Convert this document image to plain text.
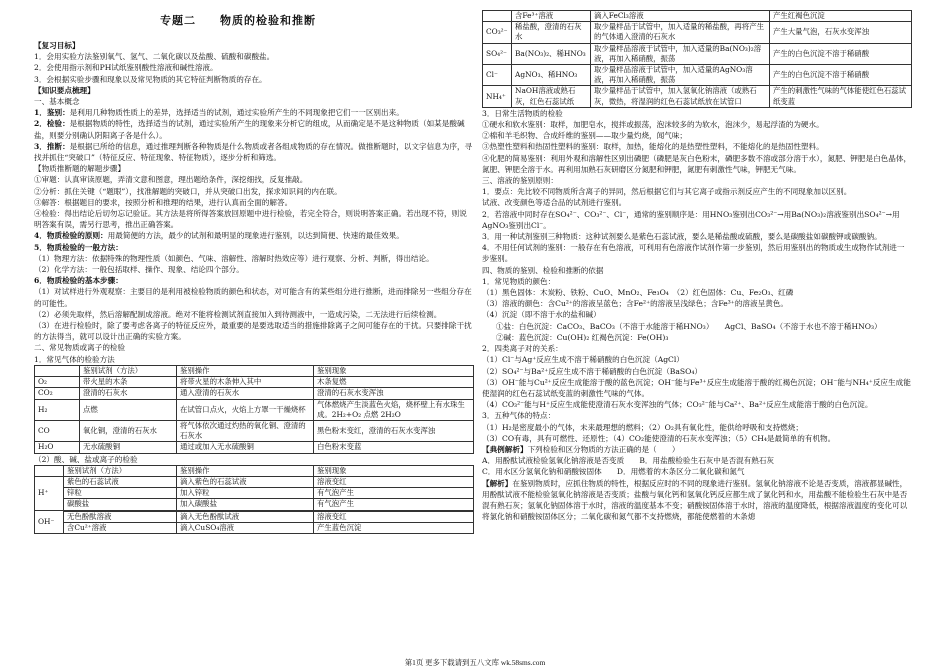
专题二　　物质的检验和推断

【复习目标】

1．会用实验方法鉴别氧气、氢气、二氧化碳以及盐酸、硫酸和碳酸盐。

2．会使用指示剂和PH试纸鉴别酸性溶液和碱性溶液。

3．会根据实验步骤和现象以及常见物质的其它特征判断物质的存在。

【知识要点梳理】

一、基本概念

1．鉴别：是利用几种物质性质上的差异，选择适当的试剂，通过实验所产生的不同现象把它们一一区别出来。

2．检验：是根据物质的特性，选择适当的试剂，通过实验所产生的现象来分析它的组成，从而确定是不是这种物质（如某是酸碱盐，则要分别确认阴阳离子各是什么）。

3．推断：是根据已所给的信息，通过推理判断各种物质是什么物质或者各组成物质的存在情况。做推断题时，以文字信息为序，寻找并抓住“突破口”（特征反应、特征现象、特征物质），逐步分析和筛选。

【物质推断题的解题步骤】

①审题：认真审读原题，弄清文意和图意，理出题给条件，深挖细找，反复推敲。

②分析：抓住关键（“题眼”），找准解题的突破口，并从突破口出发，探求知识间的内在联。

③解答：根据题目的要求，按照分析和推理的结果，进行认真而全面的解答。

④检验：得出结论后切勿忘记验证。其方法是将所得答案放回原题中进行检验，若完全符合，则说明答案正确。若出现不符，则说明答案有误，需另行思考，推出正确答案。

4．物质检验的原则：用最简便的方法，最少的试剂和最明显的现象进行鉴别，以达到简便、快速的最佳效果。

5．物质检验的一般方法：

（1）物理方法：依据特殊的物理性质（如颜色、气味、溶解性、溶解时热效应等）进行观察、分析、判断，得出结论。

（2）化学方法：一般包括取样、操作、现象、结论四个部分。

6．物质检验的基本步骤：

（1）对试样进行外观观察：主要目的是利用被检验物质的颜色和状态，对可能含有的某些组分进行推断，进而排除另一些组分存在的可能性。

（2）必须先取样，然后溶解配制成溶液。绝对不能将检测试剂直接加入到待测液中，一造成污染，二无法进行后续检测。

（3）在进行检验时，除了要考虑各离子的特征反应外，最重要的是要选取适当的措施排除离子之间可能存在的干扰。只要排除干扰的方法得当，就可以设计出正确的实验方案。

二、常见物质或离子的检验

1．常见气体的检验方法

	鉴别试剂（方法）	鉴别操作	鉴别现象
O₂	带火星的木条	将带火星的木条伸入其中	木条复燃
CO₂	澄清的石灰水	通入澄清的石灰水	澄清的石灰水变浑浊
H₂	点燃	在试管口点火，火焰上方罩一干燥烧杯	气体燃烧产生淡蓝色火焰，烧杯壁上有水珠生成。2H₂+O₂ 点燃 2H₂O
CO	氧化铜，澄清的石灰水	将气体依次通过灼热的氧化铜、澄清的石灰水	黑色粉末变红，澄清的石灰水变浑浊
H₂O	无水硫酸铜	通过或加入无水硫酸铜	白色粉末变蓝

（2）酸、碱、盐或离子的检验

	鉴别试剂（方法）	鉴别操作	鉴别现象
H⁺	紫色的石蕊试液	滴入紫色的石蕊试液	溶液变红
	锌粒	加入锌粒	有气泡产生
	碳酸盐	加入碳酸盐	有气泡产生
OH⁻			
	无色酚酞溶液	滴入无色酚酞试液	溶液变红
	含Cu²⁺溶液	滴入CuSO₄溶液	产生蓝色沉淀
	含Fe³⁺溶液	滴入FeCl₃溶液	产生红褐色沉淀
CO₃²⁻	稀盐酸，澄清的石灰水	取少量样品于试管中，加入适量的稀盐酸，再将产生的气体通入澄清的石灰水	产生大量气泡，石灰水变浑浊
SO₄²⁻	Ba(NO₃)₂、稀HNO₃	取少量样品溶液于试管中，加入适量的Ba(NO₃)₂溶液，再加入稀硝酸，振荡	产生的白色沉淀不溶于稀硝酸
Cl⁻	AgNO₃、稀HNO₃	取少量样品溶液于试管中，加入适量的AgNO₃溶液，再加入稀硝酸，振荡	产生的白色沉淀不溶于稀硝酸
NH₄⁺	NaOH溶液或熟石灰，红色石蕊试纸	取少量样品于试管中，加入氢氧化钠溶液（或熟石灰，微热，将湿润的红色石蕊试纸放在试管口	产生的刺激性气味的气体能使红色石蕊试纸变蓝

3．日常生活物质的检验

①硬水和软水鉴别：取样，加肥皂水，搅拌或振荡，泡沫较多的为软水，泡沫少，易起浮渣的为硬水。

②棉和羊毛织物、合成纤维的鉴别——取少量灼烧，闻气味；

③热塑性塑料和热固性塑料的鉴别：取样，加热，能熔化的是热塑性塑料，不能熔化的是热固性塑料。

④化肥的简易鉴别：利用外观和溶解性区别出磷肥（磷肥是灰白色粉末，磷肥多数不溶或部分溶于水），氮肥、钾肥是白色晶体，氮肥、钾肥全溶于水。再利用加熟石灰研磨区分氮肥和钾肥，氮肥有刺激性气味，钾肥无气味。

三、溶液的鉴别原则：

1．要点：先比较不同物质所含离子的异同，然后根据它们与其它离子或指示剂反应产生的不同现象加以区别。

试液、改变颜色等适合品的试剂进行鉴别。

2．若溶液中同时存在SO₄²⁻、CO₃²⁻、Cl⁻，通常的鉴别顺序是：用HNO₃鉴别出CO₃²⁻→用Ba(NO₃)₂溶液鉴别出SO₄²⁻→用AgNO₃鉴别出Cl⁻。

3．用一种试剂鉴别三种物质：这种试剂要么是紫色石蕊试液，要么是稀盐酸或硫酸，要么是碳酸盐如碳酸钾或碳酸钠。

4．不用任何试剂的鉴别：一般存在有色溶液，可利用有色溶液作试剂作第一步鉴别，然后用鉴别出的物质或生成物作试剂进一步鉴别。

四、物质的鉴别、检验和推断的依据

1．常见物质的颜色：

（1）黑色固体：木炭粉、铁粉、CuO、MnO₂、Fe₃O₄　（2）红色固体：Cu、Fe₂O₃、红磷

（3）溶液的颜色：含Cu²⁺的溶液呈蓝色；含Fe²⁺的溶液呈浅绿色；含Fe³⁺的溶液呈黄色。

（4）沉淀（即不溶于水的盐和碱）

①盐：白色沉淀：CaCO₃、BaCO₃（不溶于水能溶于稀HNO₃）　　AgCl、BaSO₄（不溶于水也不溶于稀HNO₃）

②碱：蓝色沉淀：Cu(OH)₂ 红褐色沉淀：Fe(OH)₃

2．四类离子对的关系：

（1）Cl⁻与Ag⁺反应生成不溶于稀硝酸的白色沉淀（AgCl）

（2）SO₄²⁻与Ba²⁺反应生成不溶于稀硝酸的白色沉淀（BaSO₄）

（3）OH⁻能与Cu²⁺反应生成能溶于酸的蓝色沉淀；OH⁻能与Fe³⁺反应生成能溶于酸的红褐色沉淀；OH⁻能与NH₄⁺反应生成能使湿润的红色石蕊试纸变蓝的刺激性气味的气体。

（4）CO₃²⁻能与H⁺反应生成能使澄清石灰水变浑浊的气体；CO₃²⁻能与Ca²⁺、Ba²⁺反应生成能溶于酸的白色沉淀。

3．五种气体的特点：

（1）H₂是密度最小的气体，未来最理想的燃料；（2）O₂具有氧化性，能供给呼吸和支持燃烧；

（3）CO有毒，具有可燃性、还原性；（4）CO₂能使澄清的石灰水变浑浊；（5）CH₄是最简单的有机物。

【典例解析】下列检验和区分物质的方法正确的是（　　）

A．用酚酞试液检验氢氧化钠溶液是否变质　　B．用盐酸检验生石灰中是否混有熟石灰

C．用水区分氢氧化钠和硝酸铵固体　　D．用燃着的木条区分二氧化碳和氮气

【解析】在鉴别物质时，应抓住物质的特性，根据反应时的不同的现象进行鉴别。氢氧化钠溶液不论是否变质，溶液都显碱性，用酚酞试液不能检验氢氧化钠溶液是否变质；盐酸与氧化钙和氢氧化钙反应都生成了氯化钙和水，用盐酸不能检验生石灰中是否混有熟石灰；氢氧化钠固体溶于水时，溶液的温度基本不变；硝酸铵固体溶于水时，溶液的温度降低，根据溶液温度的变化可以将氯化钠和硝酸铵固体区分；二氧化碳和氮气都不支持燃烧，都能使燃着的木条熄

第1页 更多下载请到五八文库 wk.58sms.com
